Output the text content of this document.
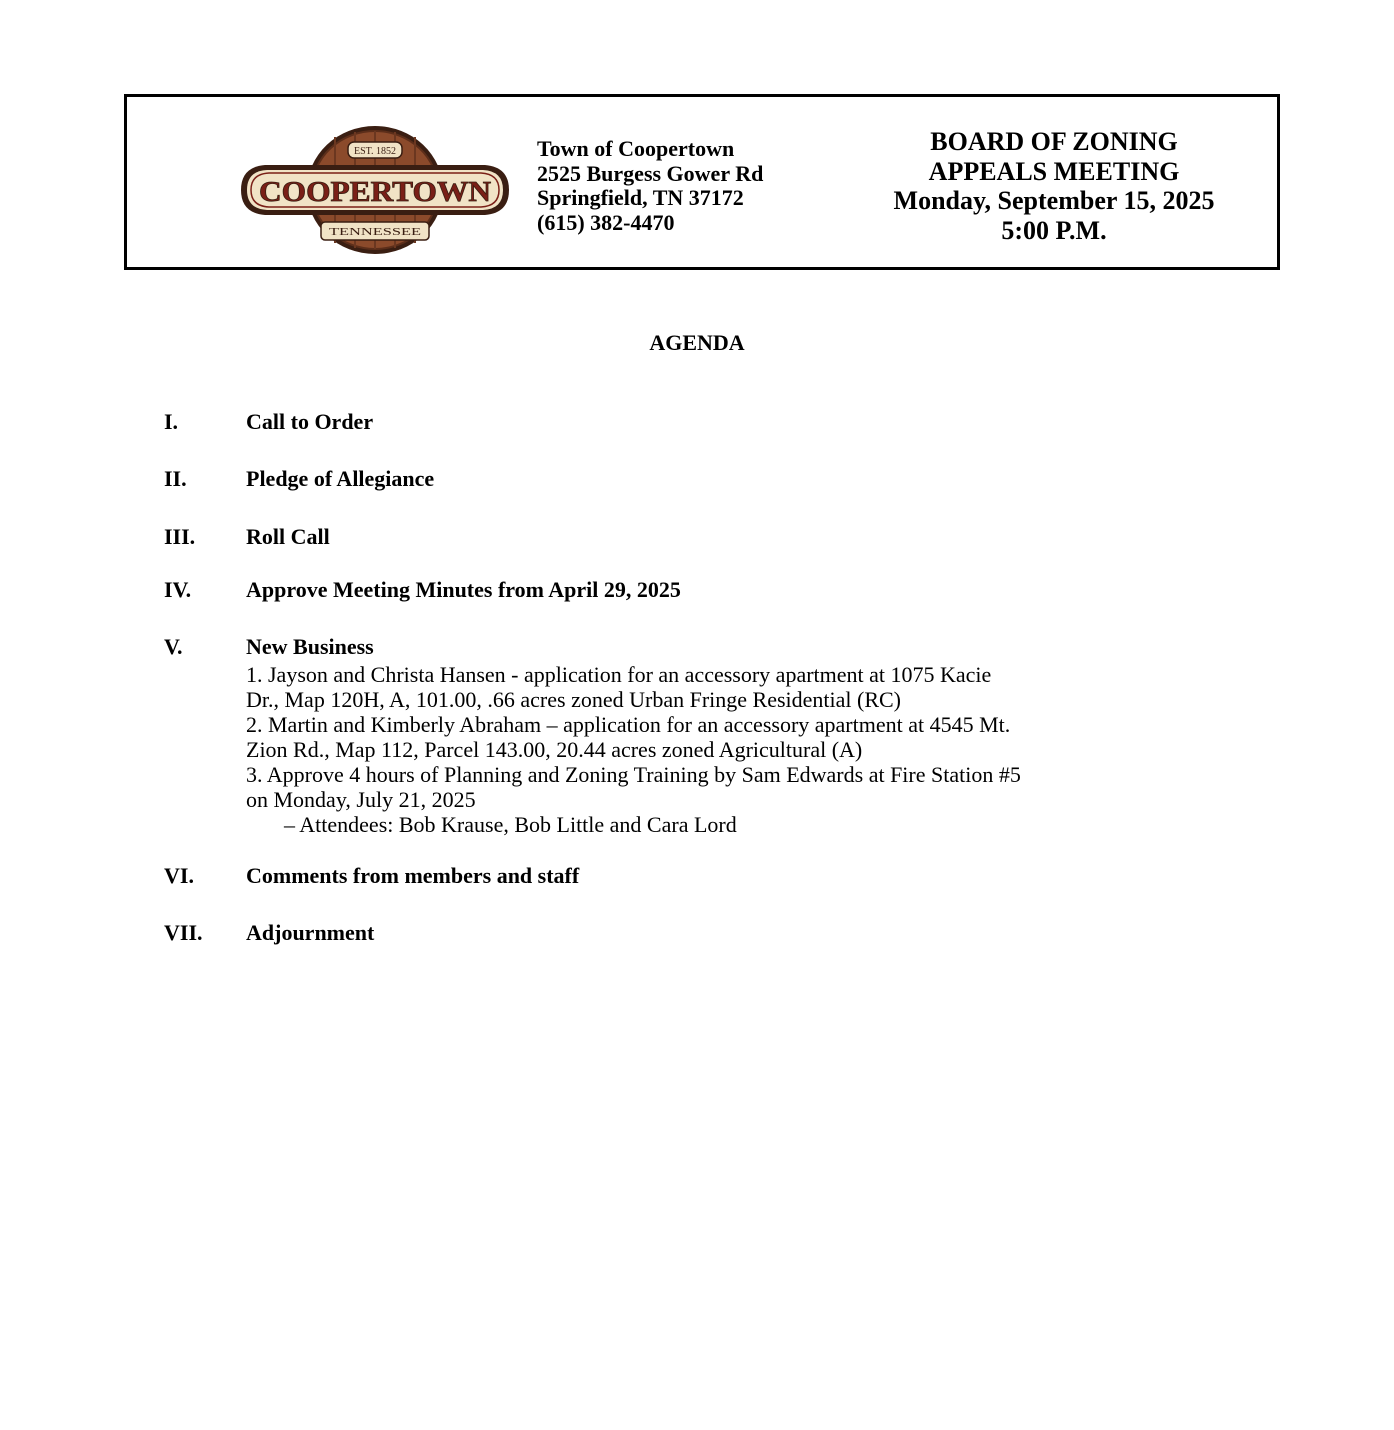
EST. 1852
COOPERTOWN
TENNESSEE
Town of Coopertown
2525 Burgess Gower Rd
Springfield, TN 37172
(615) 382-4470
BOARD OF ZONING
APPEALS MEETING
Monday, September 15, 2025
5:00 P.M.
AGENDA
I.	Call to Order
II.	Pledge of Allegiance
III. Roll Call
IV. Approve Meeting Minutes from April 29, 2025
V.	New Business
1. Jayson and Christa Hansen - application for an accessory apartment at 1075 Kacie
Dr., Map 120H, A, 101.00, .66 acres zoned Urban Fringe Residential (RC)
2. Martin and Kimberly Abraham – application for an accessory apartment at 4545 Mt.
Zion Rd., Map 112, Parcel 143.00, 20.44 acres zoned Agricultural (A)
3. Approve 4 hours of Planning and Zoning Training by Sam Edwards at Fire Station #5
on Monday, July 21, 2025
– Attendees: Bob Krause, Bob Little and Cara Lord
VI. Comments from members and staff
VII. Adjournment
